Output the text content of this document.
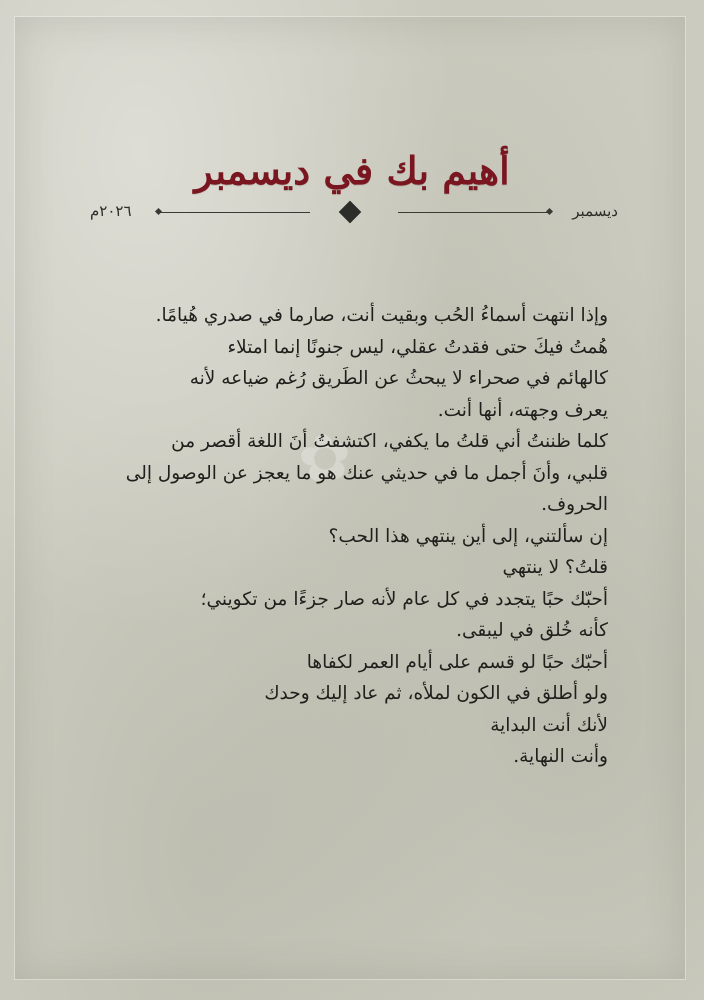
✿
أهيم بك في ديسمبر
ديسمبر
٢٠٢٦م
وإذا انتهت أسماءُ الحُب وبقيت أنت، صارما في صدري هُيامًا.
هُمتُ فيكَ حتى فقدتُ عقلي، ليس جنونًا إنما امتلاء
كالهائم في صحراء لا يبحثُ عن الطَريق رُغم ضياعه لأنه
يعرف وجهته، أنها أنت.
كلما ظننتُ أني قلتُ ما يكفي، اكتشفتُ أنَ اللغة أقصر من
قلبي، وأنَ أجمل ما في حديثي عنك هو ما يعجز عن الوصول إلى
الحروف.
إن سألتني، إلى أين ينتهي هذا الحب؟
قلتُ؟ لا ينتهي
أحبّك حبًا يتجدد في كل عام لأنه صار جزءًا من تكويني؛
كأنه خُلق في ليبقى.
أحبّك حبًا لو قسم على أيام العمر لكفاها
ولو أطلق في الكون لملأه، ثم عاد إليك وحدك
لأنك أنت البداية
وأنت النهاية.
